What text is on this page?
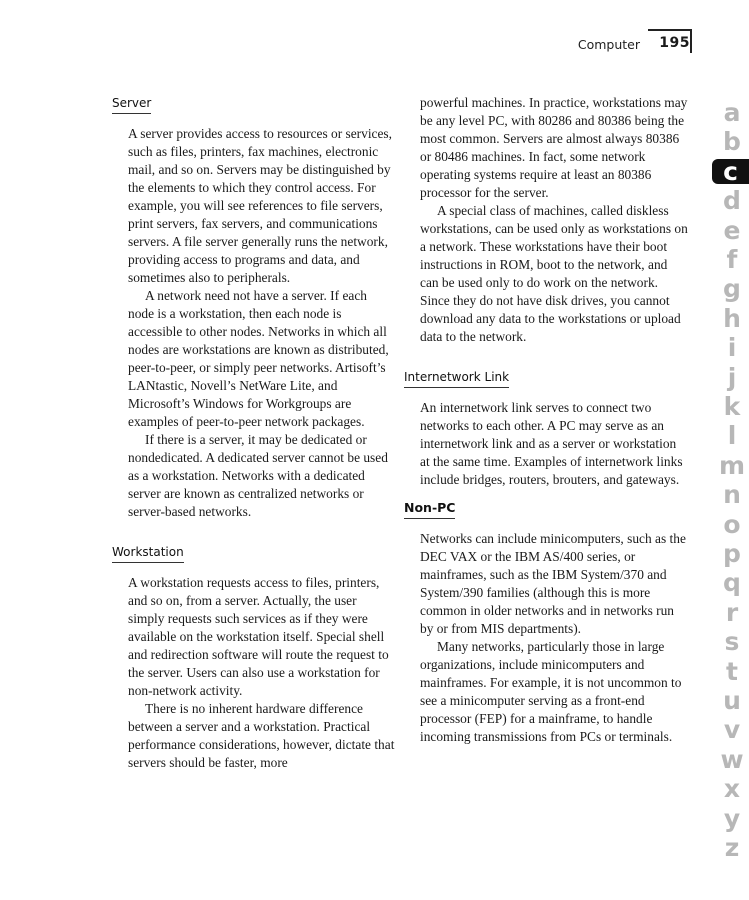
Computer	195
Server

A server provides access to resources or services, such as files, printers, fax machines, electronic mail, and so on. Servers may be distinguished by the elements to which they control access. For example, you will see references to file servers, print servers, fax servers, and communications servers. A file server generally runs the network, providing access to programs and data, and sometimes also to peripherals.

A network need not have a server. If each node is a workstation, then each node is accessible to other nodes. Networks in which all nodes are workstations are known as distributed, peer-to-peer, or simply peer networks. Artisoft’s LANtastic, Novell’s NetWare Lite, and Microsoft’s Windows for Workgroups are examples of peer-to-peer network packages.

If there is a server, it may be dedicated or nondedicated. A dedicated server cannot be used as a workstation. Networks with a dedicated server are known as centralized networks or server-based networks.

Workstation

A workstation requests access to files, printers, and so on, from a server. Actually, the user simply requests such services as if they were available on the workstation itself. Special shell and redirection software will route the request to the server. Users can also use a workstation for non-network activity.

There is no inherent hardware difference between a server and a workstation. Practical performance considerations, however, dictate that servers should be faster, more

powerful machines. In practice, workstations may be any level PC, with 80286 and 80386 being the most common. Servers are almost always 80386 or 80486 machines. In fact, some network operating systems require at least an 80386 processor for the server.

A special class of machines, called diskless workstations, can be used only as workstations on a network. These workstations have their boot instructions in ROM, boot to the network, and can be used only to do work on the network. Since they do not have disk drives, you cannot download any data to the workstations or upload data to the network.

Internetwork Link

An internetwork link serves to connect two networks to each other. A PC may serve as an internetwork link and as a server or workstation at the same time. Examples of internetwork links include bridges, routers, brouters, and gateways.

Non-PC

Networks can include minicomputers, such as the DEC VAX or the IBM AS/400 series, or mainframes, such as the IBM System/370 and System/390 families (although this is more common in older networks and in networks run by or from MIS departments).

Many networks, particularly those in large organizations, include minicomputers and mainframes. For example, it is not uncommon to see a minicomputer serving as a front-end processor (FEP) for a mainframe, to handle incoming transmissions from PCs or terminals.

a
b
c
d
e
f
g
h
i
j
k
l
m
n
o
p
q
r
s
t
u
v
w
x
y
z
